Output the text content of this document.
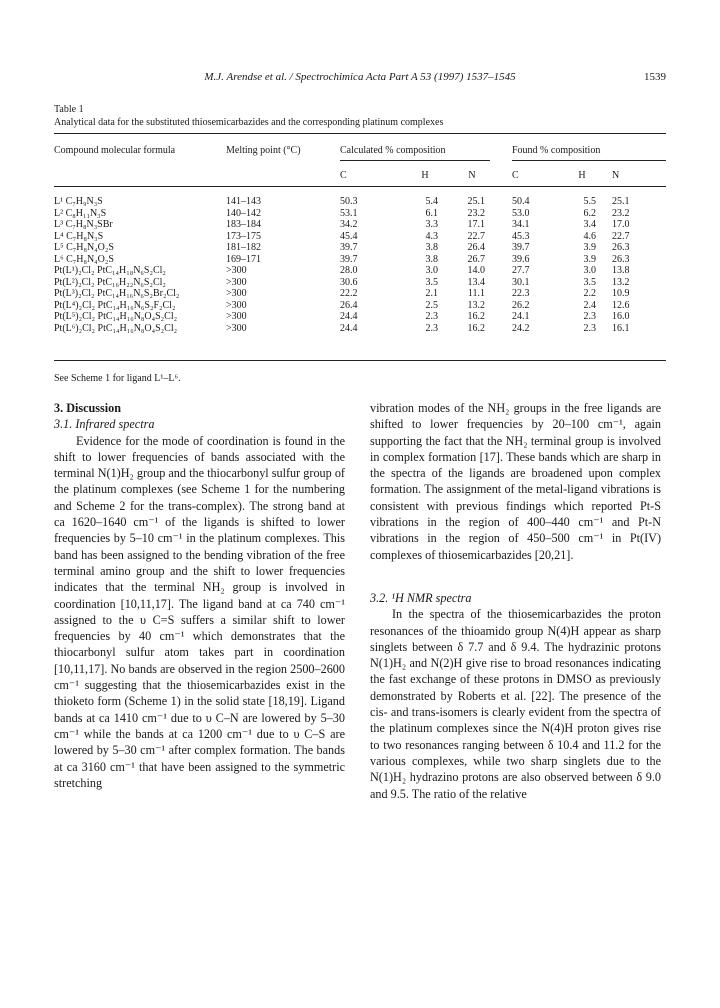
M.J. Arendse et al. / Spectrochimica Acta Part A 53 (1997) 1537–1545	1539
Table 1
Analytical data for the substituted thiosemicarbazides and the corresponding platinum complexes
Compound molecular formula	Melting point (°C)	Calculated % composition	Found % composition
C	H	N	C	H	N
L¹ C₇H₉N₃S	141–143	50.3	5.4	25.1	50.4	5.5 25.1
L² C₈H₁₁N₃S	140–142	53.1	6.1	23.2	53.0	6.2 23.2
L³ C₇H₈N₃SBr	183–184	34.2	3.3	17.1	34.1	3.4 17.0
L⁴ C₇H₈N₃S	173–175	45.4	4.3	22.7	45.3	4.6 22.7
L⁵ C₇H₈N₄O₂S	181–182	39.7	3.8	26.4	39.7	3.9 26.3
L⁶ C₇H₈N₄O₂S	169–171	39.7	3.8	26.7	39.6	3.9 26.3
Pt(L¹)₂Cl₂ PtC₁₄H₁₈N₆S₂Cl₂	>300	28.0	3.0	14.0	27.7	3.0 13.8
Pt(L²)₂Cl₂ PtC₁₆H₂₂N₆S₂Cl₂	>300	30.6	3.5	13.4	30.1	3.5 13.2
Pt(L³)₂Cl₂ PtC₁₄H₁₆N₆S₂Br₂Cl₂	>300	22.2	2.1	11.1	22.3	2.2 10.9
Pt(L⁴)₂Cl₂ PtC₁₄H₁₆N₆S₂F₂Cl₂	>300	26.4	2.5	13.2	26.2	2.4 12.6
Pt(L⁵)₂Cl₂ PtC₁₄H₁₆N₈O₄S₂Cl₂	>300	24.4	2.3	16.2	24.1	2.3 16.0
Pt(L⁶)₂Cl₂ PtC₁₄H₁₆N₈O₄S₂Cl₂	>300	24.4	2.3	16.2	24.2	2.3 16.1
See Scheme 1 for ligand L¹–L⁶.

3. Discussion

3.1. Infrared spectra

Evidence for the mode of coordination is found in the shift to lower frequencies of bands associated with the terminal N(1)H₂ group and the thiocarbonyl sulfur group of the platinum complexes (see Scheme 1 for the numbering and Scheme 2 for the trans-complex). The strong band at ca 1620–1640 cm⁻¹ of the ligands is shifted to lower frequencies by 5–10 cm⁻¹ in the platinum complexes. This band has been assigned to the bending vibration of the free terminal amino group and the shift to lower frequencies indicates that the terminal NH₂ group is involved in coordination [10,11,17]. The ligand band at ca 740 cm⁻¹ assigned to the υ C=S suffers a similar shift to lower frequencies by 40 cm⁻¹ which demonstrates that the thiocarbonyl sulfur atom takes part in coordination [10,11,17]. No bands are observed in the region 2500–2600 cm⁻¹ suggesting that the thiosemicarbazides exist in the thioketo form (Scheme 1) in the solid state [18,19]. Ligand bands at ca 1410 cm⁻¹ due to υ C–N are lowered by 5–30 cm⁻¹ while the bands at ca 1200 cm⁻¹ due to υ C–S are lowered by 5–30 cm⁻¹ after complex formation. The bands at ca 3160 cm⁻¹ that have been assigned to the symmetric stretching

vibration modes of the NH₂ groups in the free ligands are shifted to lower frequencies by 20–100 cm⁻¹, again supporting the fact that the NH₂ terminal group is involved in complex formation [17]. These bands which are sharp in the spectra of the ligands are broadened upon complex formation. The assignment of the metal-ligand vibrations is consistent with previous findings which reported Pt-S vibrations in the region of 400–440 cm⁻¹ and Pt-N vibrations in the region of 450–500 cm⁻¹ in Pt(IV) complexes of thiosemicarbazides [20,21].

3.2. ¹H NMR spectra

In the spectra of the thiosemicarbazides the proton resonances of the thioamido group N(4)H appear as sharp singlets between δ 7.7 and δ 9.4. The hydrazinic protons N(1)H₂ and N(2)H give rise to broad resonances indicating the fast exchange of these protons in DMSO as previously demonstrated by Roberts et al. [22]. The presence of the cis- and trans-isomers is clearly evident from the spectra of the platinum complexes since the N(4)H proton gives rise to two resonances ranging between δ 10.4 and 11.2 for the various complexes, while two sharp singlets due to the N(1)H₂ hydrazino protons are also observed between δ 9.0 and 9.5. The ratio of the relative
